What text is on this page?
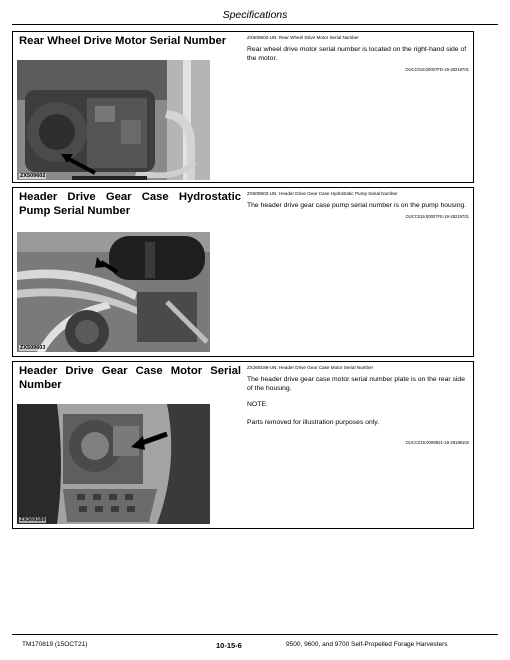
Specifications
Rear Wheel Drive Motor Serial Number
ZX509602
ZX509602-UN: Rear Wheel Drive Motor Serial Number
Rear wheel drive motor serial number is located on the right-hand side of the motor.
OUCC019,00007FD-19-28219701
Header Drive Gear Case Hydrostatic Pump Serial Number
ZX509603
ZX509603-UN: Header Drive Gear Case Hydrostatic Pump Serial Number
The header drive gear case pump serial number is on the pump housing.
OUCC019,00007FE-19-28219701
Header Drive Gear Case Motor Serial Number
ZX369189
ZX369189-UN: Header Drive Gear Case Motor Serial Number
The header drive gear case motor serial number plate is on the rear side of the housing.
NOTE:
Parts removed for illustration purposes only.
OUCC019,0000B21-19-28198102
TM170819 (15OCT21)	10-15-6	9500, 9600, and 9700 Self-Propelled Forage Harvesters
